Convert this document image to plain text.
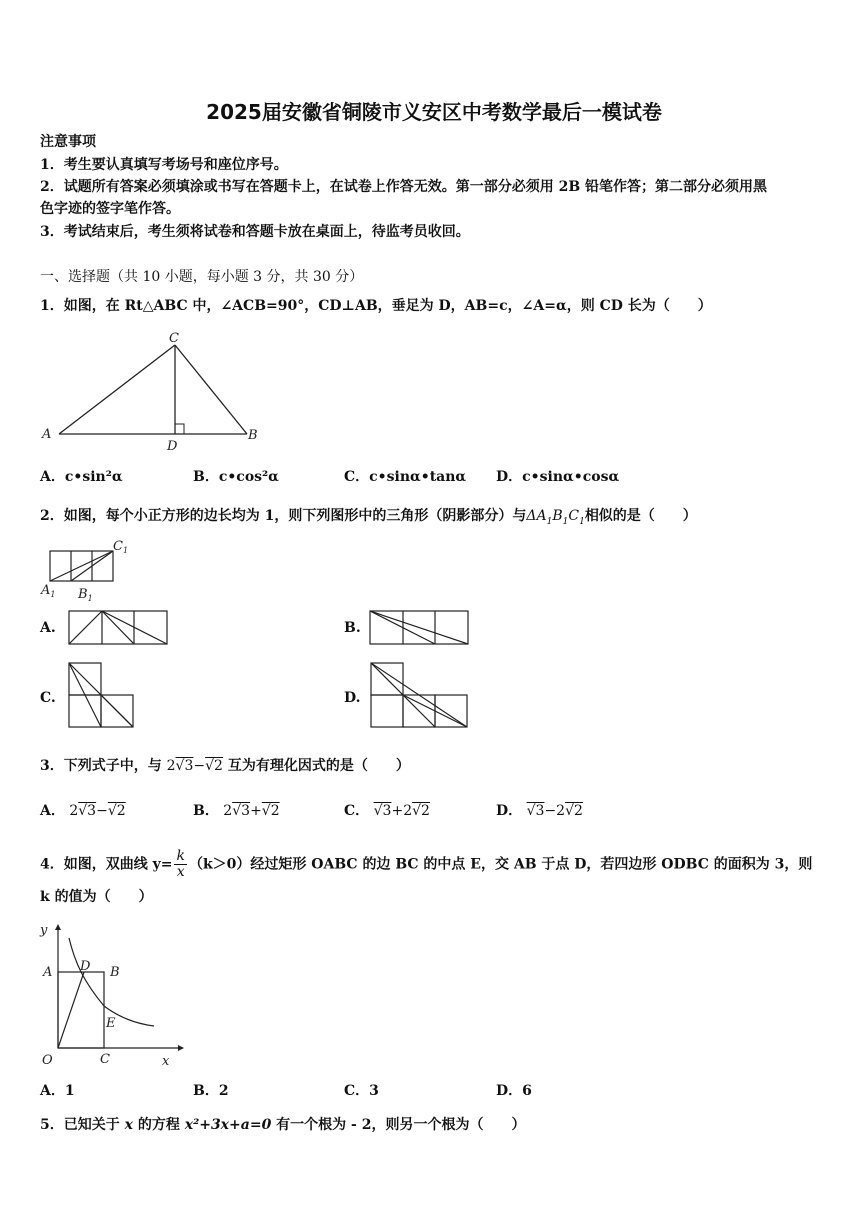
2025届安徽省铜陵市义安区中考数学最后一模试卷
注意事项
1．考生要认真填写考场号和座位序号。
2．试题所有答案必须填涂或书写在答题卡上，在试卷上作答无效。第一部分必须用 2B 铅笔作答；第二部分必须用黑
色字迹的签字笔作答。
3．考试结束后，考生须将试卷和答题卡放在桌面上，待监考员收回。
一、选择题（共 10 小题，每小题 3 分，共 30 分）
1．如图，在 Rt△ABC 中，∠ACB=90°，CD⊥AB，垂足为 D，AB=c，∠A=α，则 CD 长为（　　）
A
C
B
D
A．c•sin²α	B．c•cos²α	C．c•sinα•tanα D．c•sinα•cosα
2．如图，每个小正方形的边长均为 1，则下列图形中的三角形（阴影部分）与$\Delta A_1B_1C_1$相似的是（　　）
$C_1$
$A_1$ $B_1$
A.	B.
C.	D.
3．下列式子中，与 2√3−√2 互为有理化因式的是（　　）
A． 2√3−√2	B． 2√3+√2	C． √3+2√2	D． √3−2√2
4．如图，双曲线 $y= \frac{k}{x} (k>0)$经过矩形 OABC 的边 BC 的中点 E，交 AB 于点 D，若四边形 ODBC 的面积为 3，则
k 的值为（　　）
y
x
O
A D B
E
C
A．1	B．2	C．3	D．6
5．已知关于 x 的方程 x²+3x+a=0 有一个根为 - 2，则另一个根为（　　）
